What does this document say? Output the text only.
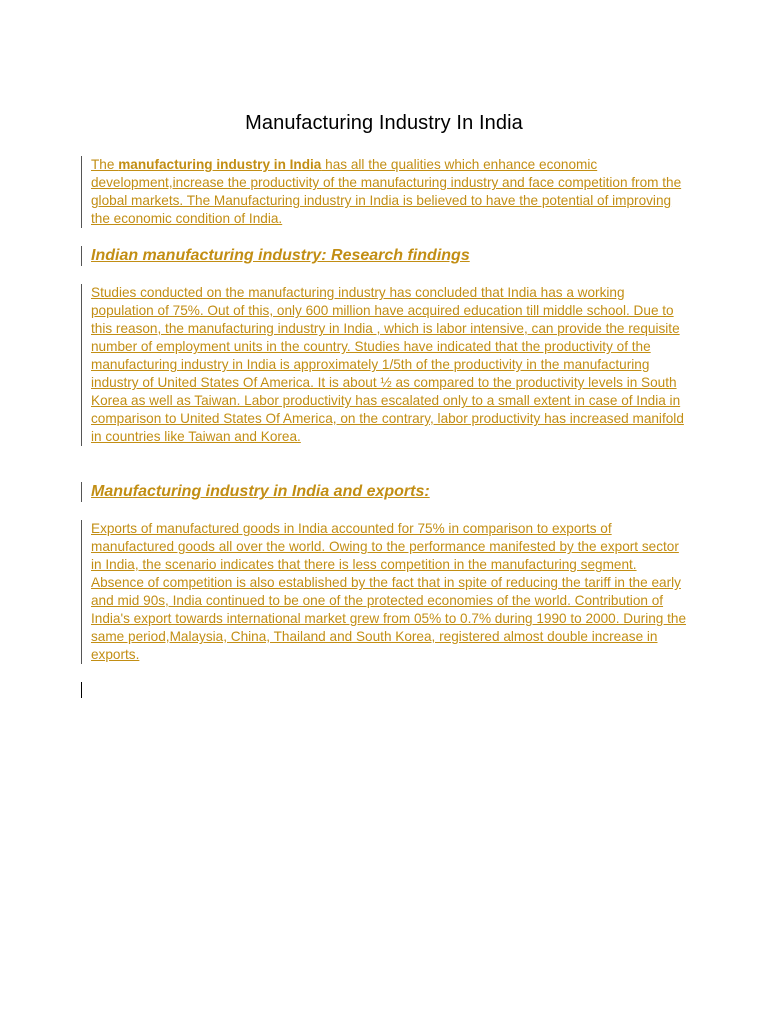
Manufacturing Industry In India

The manufacturing industry in India has all the qualities which enhance economic development,increase the productivity of the manufacturing industry and face competition from the global markets. The Manufacturing industry in India is believed to have the potential of improving the economic condition of India.

Indian manufacturing industry: Research findings

Studies conducted on the manufacturing industry has concluded that India has a working population of 75%. Out of this, only 600 million have acquired education till middle school. Due to this reason, the manufacturing industry in India , which is labor intensive, can provide the requisite number of employment units in the country. Studies have indicated that the productivity of the manufacturing industry in India is approximately 1/5th of the productivity in the manufacturing industry of United States Of America. It is about ½ as compared to the productivity levels in South Korea as well as Taiwan. Labor productivity has escalated only to a small extent in case of India in comparison to United States Of America, on the contrary, labor productivity has increased manifold in countries like Taiwan and Korea.

Manufacturing industry in India and exports:

Exports of manufactured goods in India accounted for 75% in comparison to exports of manufactured goods all over the world. Owing to the performance manifested by the export sector in India, the scenario indicates that there is less competition in the manufacturing segment. Absence of competition is also established by the fact that in spite of reducing the tariff in the early and mid 90s, India continued to be one of the protected economies of the world. Contribution of India's export towards international market grew from 05% to 0.7% during 1990 to 2000. During the same period,Malaysia, China, Thailand and South Korea, registered almost double increase in exports.
